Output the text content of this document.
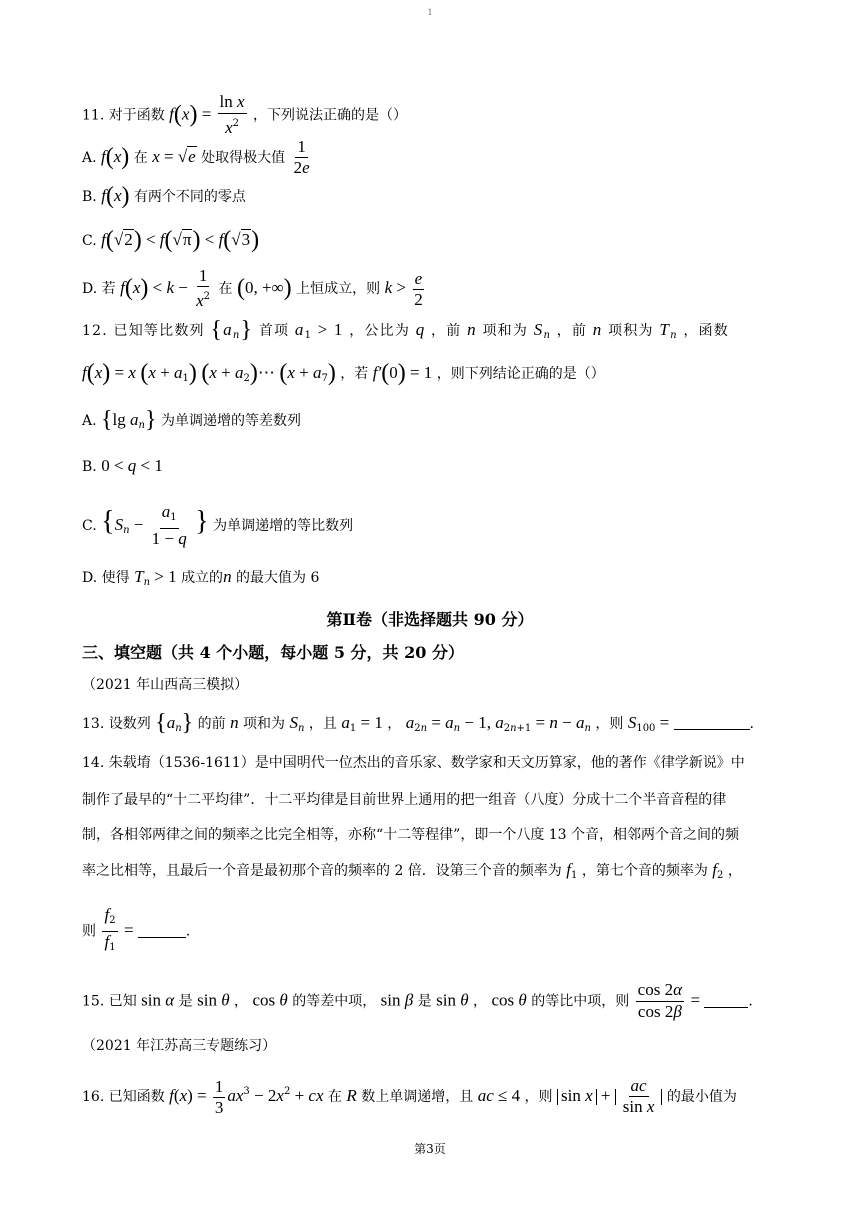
1
11. 对于函数 $f(x) = \frac{\text{ln x}}{x^2}$ ，下列说法正确的是（）
A. f(x) 在 x = √e 处取得极大值 $\frac{1}{2e}$
B. f(x) 有两个不同的零点
C. f(√2) < f(√π) < f(√3)
D. 若 $f(x) < k - \frac{1}{x^2}$ 在 (0, +∞) 上恒成立，则 $k > \frac{e}{2}$
12. 已知等比数列 $\{a_n\}$ 首项 $a_1 > 1$ ，公比为 q ，前 n 项和为 $S_n$ ，前 n 项积为 $T_n$ ，函数
f(x) = x $(x + a_1)$ $(x + a_2)\cdots$ $(x + a_7)$ ，若 f′(0) = 1 ，则下列结论正确的是（）
A. {lg $a_n$} 为单调递增的等差数列
B. 0 < q < 1
C. {$S_n - \frac{a_1}{1 - q}$ } 为单调递增的等比数列
D. 使得 $T_n > 1$ 成立的n 的最大值为 6
第Ⅱ卷（非选择题共 90 分）
三、填空题（共 4 个小题，每小题 5 分，共 20 分）
（2021 年山西高三模拟）
13. 设数列 $\{a_n\}$ 的前 n 项和为 $S_n$ ，且 $a_1 = 1$ ， $a_{2n} = a_n - 1$, $a_{2n+1} = n - a_n$ ，则 $S_{100}$ =	.
14. 朱载堉（1536-1611）是中国明代一位杰出的音乐家、数学家和天文历算家，他的著作《律学新说》中
制作了最早的“十二平均律”．十二平均律是目前世界上通用的把一组音（八度）分成十二个半音音程的律
制，各相邻两律之间的频率之比完全相等，亦称“十二等程律”，即一个八度 13 个音，相邻两个音之间的频
率之比相等，且最后一个音是最初那个音的频率的 2 倍．设第三个音的频率为 $f_1$ ，第七个音的频率为 $f_2$ ，
则 $\frac{f_2}{f_1}$ =	.
15. 已知 sin α 是 sin θ ， cos θ 的等差中项， sin β 是 sin θ ， cos θ 的等比中项，则 $\frac{\cos 2\alpha}{\cos 2\beta}$ =	.
（2021 年江苏高三专题练习）
16. 已知函数 $f(x) = \frac{1}{3} ax^3 - 2x^2$ + cx 在 R 数上单调递增，且 ac ≤ 4 ，则 $\sin x + \frac{ac}{\text{sin x}}$ 的最小值为
第3页
